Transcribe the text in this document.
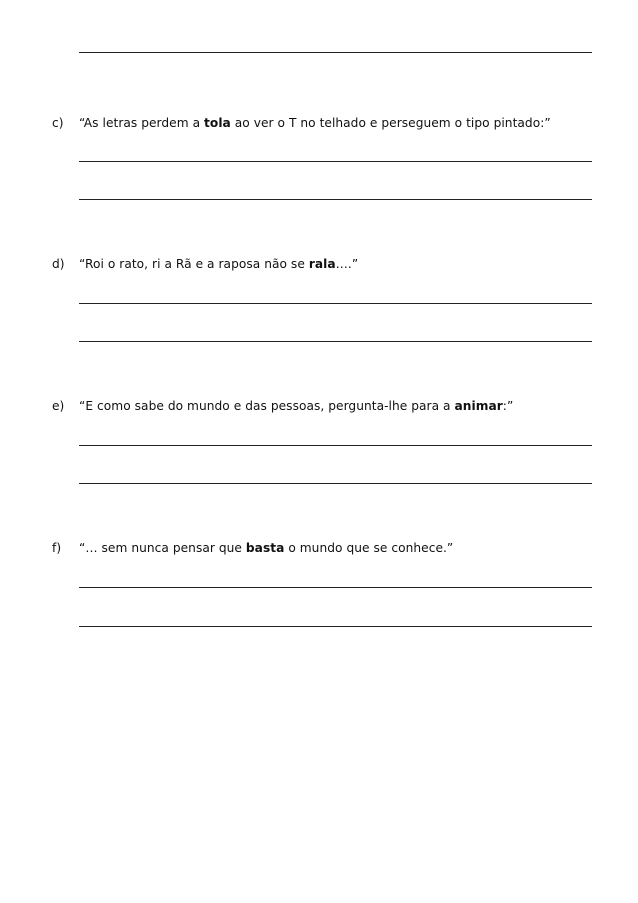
c) “As letras perdem a tola ao ver o T no telhado e perseguem o tipo pintado:”
d) “Roi o rato, ri a Rã e a raposa não se rala….”
e) “E como sabe do mundo e das pessoas, pergunta-lhe para a animar:”
f) “… sem nunca pensar que basta o mundo que se conhece.”
